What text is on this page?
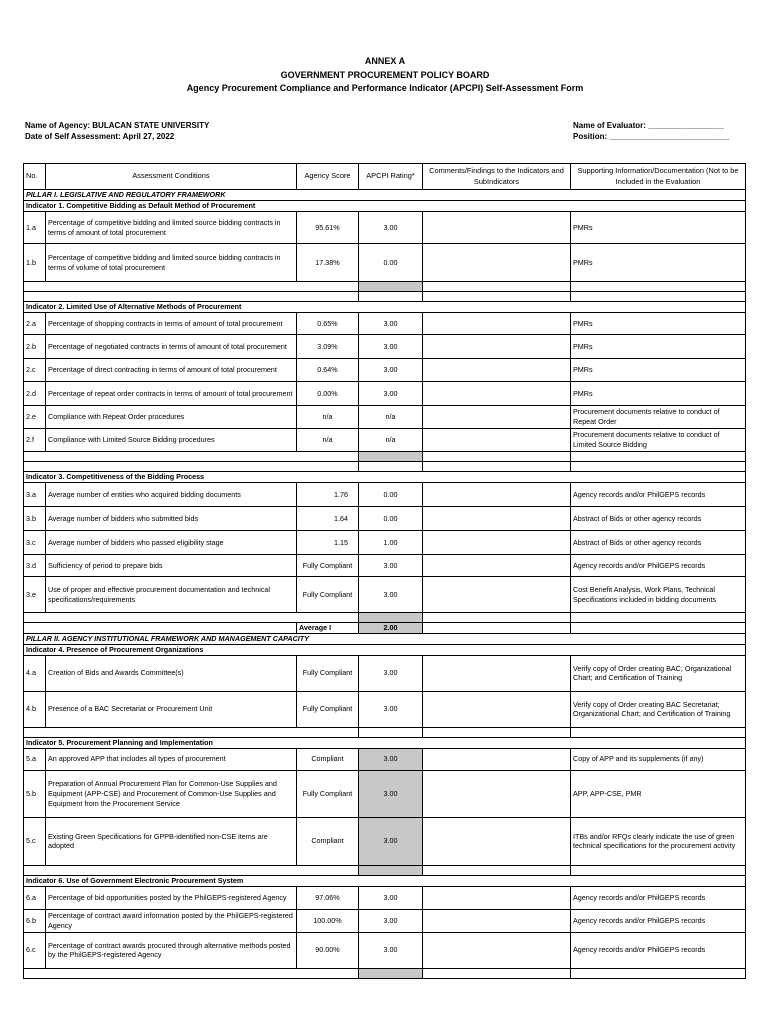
ANNEX A
GOVERNMENT PROCUREMENT POLICY BOARD
Agency Procurement Compliance and Performance Indicator (APCPI) Self-Assessment Form
Name of Agency: BULACAN STATE UNIVERSITY
Date of Self Assessment: April 27, 2022
Name of Evaluator: _________________
Position: ___________________________
No.	Assessment Conditions	Agency Score	APCPI Rating*	Comments/Findings to the Indicators and SubIndicators	Supporting Information/Documentation (Not to be Included in the Evaluation
PILLAR I. LEGISLATIVE AND REGULATORY FRAMEWORK					
Indicator 1. Competitive Bidding as Default Method of Procurement					
1.a	Percentage of competitive bidding and limited source bidding contracts in terms of amount of total procurement	95.61%	3.00		PMRs
1.b	Percentage of competitive bidding and limited source bidding contracts in terms of volume of total procurement	17.38%	0.00		PMRs

Indicator 2. Limited Use of Alternative Methods of Procurement					
2.a	Percentage of shopping contracts in terms of amount of total procurement	0.65%	3.00		PMRs
2.b	Percentage of negotiated contracts in terms of amount of total procurement	3.09%	3.00		PMRs
2.c	Percentage of direct contracting in terms of amount of total procurement	0.64%	3.00		PMRs
2.d	Percentage of repeat order contracts in terms of amount of total procurement	0.00%	3.00		PMRs
2.e	Compliance with Repeat Order procedures	n/a	n/a		Procurement documents relative to conduct of Repeat Order
2.f	Compliance with Limited Source Bidding procedures	n/a	n/a		Procurement documents relative to conduct of Limited Source Bidding

Indicator 3. Competitiveness of the Bidding Process					
3.a	Average number of entities who acquired bidding documents	1.76	0.00		Agency records and/or PhilGEPS records
3.b	Average number of bidders who submitted bids	1.64	0.00		Abstract of Bids or other agency records
3.c	Average number of bidders who passed eligibility stage	1.15	1.00		Abstract of Bids or other agency records
3.d	Sufficiency of period to prepare bids	Fully Compliant	3.00		Agency records and/or PhilGEPS records
3.e	Use of proper and effective procurement documentation and technical specifications/requirements	Fully Compliant	3.00		Cost Benefit Analysis, Work Plans, Technical Specifications included in bidding documents

		Average I	2.00		
PILLAR II. AGENCY INSTITUTIONAL FRAMEWORK AND MANAGEMENT CAPACITY					
Indicator 4. Presence of Procurement Organizations					
4.a	Creation of Bids and Awards Committee(s)	Fully Compliant	3.00		Verify copy of Order creating BAC; Organizational Chart; and Certification of Training
4.b	Presence of a BAC Secretariat or Procurement Unit	Fully Compliant	3.00		Verify copy of Order creating BAC Secretariat; Organizational Chart; and Certification of Training

Indicator 5. Procurement Planning and Implementation					
5.a	An approved APP that includes all types of procurement	Compliant	3.00		Copy of APP and its supplements (if any)
5.b	Preparation of Annual Procurement Plan for Common-Use Supplies and Equipment (APP-CSE) and Procurement of Common-Use Supplies and Equipment from the Procurement Service	Fully Compliant	3.00		APP, APP-CSE, PMR
5.c	Existing Green Specifications for GPPB-identified non-CSE items are adopted	Compliant	3.00		ITBs and/or RFQs clearly indicate the use of green technical specifications for the procurement activity

Indicator 6. Use of Government Electronic Procurement System					
6.a	Percentage of bid opportunities posted by the PhilGEPS-registered Agency	97.06%	3.00		Agency records and/or PhilGEPS records
6.b	Percentage of contract award information posted by the PhilGEPS-registered Agency	100.00%	3.00		Agency records and/or PhilGEPS records
6.c	Percentage of contract awards procured through alternative methods posted by the PhilGEPS-registered Agency	90.00%	3.00		Agency records and/or PhilGEPS records
